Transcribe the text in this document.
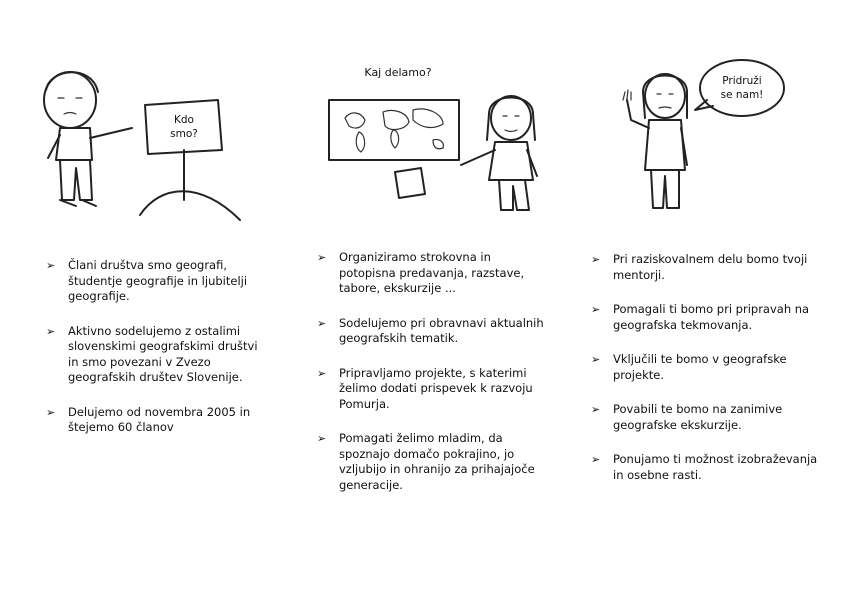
Kdo
smo?
➢ Člani društva smo geografi, študentje geografije in ljubitelji geografije.
➢ Aktivno sodelujemo z ostalimi slovenskimi geografskimi društvi in smo povezani v Zvezo geografskih društev Slovenije.
➢ Delujemo od novembra 2005 in štejemo 60 članov
Kaj delamo?
➢ Organiziramo strokovna in potopisna predavanja, razstave, tabore, ekskurzije ...
➢ Sodelujemo pri obravnavi aktualnih geografskih tematik.
➢ Pripravljamo projekte, s katerimi želimo dodati prispevek k razvoju Pomurja.
➢ Pomagati želimo mladim, da spoznajo domačo pokrajino, jo vzljubijo in ohranijo za prihajajoče generacije.
Pridruži
se nam!
➢ Pri raziskovalnem delu bomo tvoji mentorji.
➢ Pomagali ti bomo pri pripravah na geografska tekmovanja.
➢ Vključili te bomo v geografske projekte.
➢ Povabili te bomo na zanimive geografske ekskurzije.
➢ Ponujamo ti možnost izobraževanja in osebne rasti.
